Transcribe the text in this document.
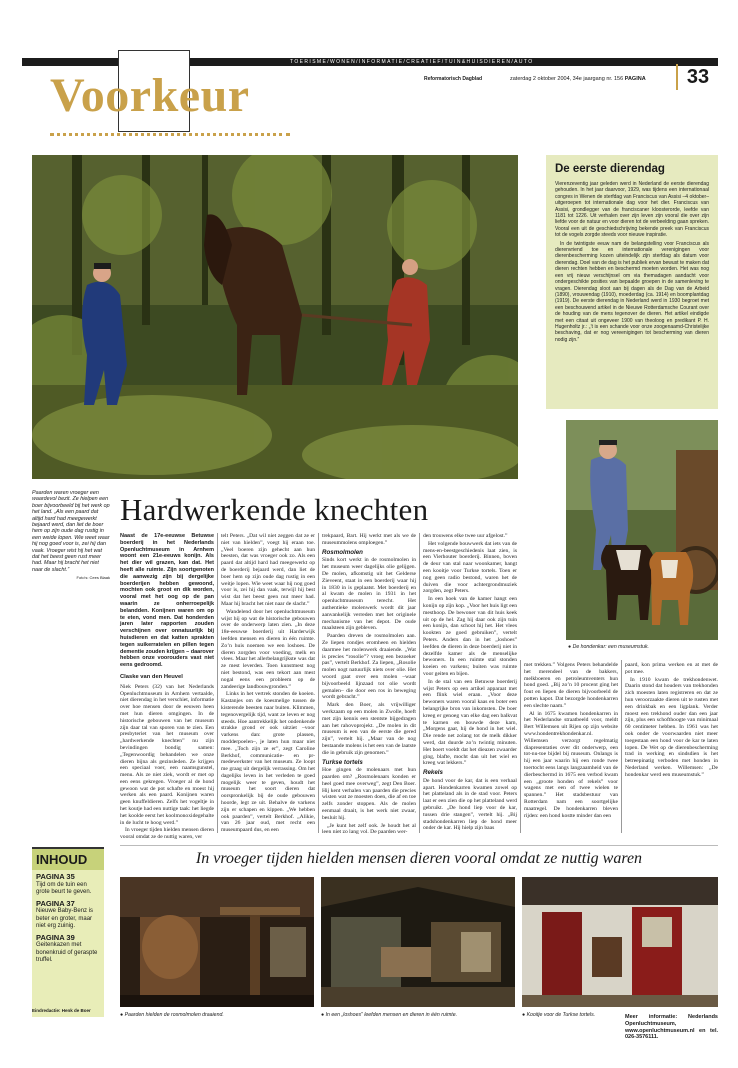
TOERISME/WONEN/INFORMATIE/CREATIEF/TUIN&HUISDIEREN/AUTO
Voorkeur	Reformatorisch Dagblad	zaterdag 2 oktober 2004, 34e jaargang nr. 156 PAGINA	33
Paarden waren vroeger een waardevol bezit. Ze hielpen een boer bijvoorbeeld bij het werk op het land. „Als een paard dat altijd hard had meegewerkt bejaard werd, dan liet de boer hem op zijn oude dag rustig in een weide lopen. Wie weet waar hij nog goed voor is, zei hij dan vaak. Vroeger wist hij het wat dat het beest geen rust meer had. Maar hij bracht het niet naar de slacht.”
Foto's: Cees Blaak
De eerste dierendag

Vierenzeventig jaar geleden werd in Nederland de eerste dierendag gehouden. In het jaar daarvoor, 1929, was tijdens een internationaal congres in Wenen de sterfdag van Franciscus van Assisi –4 oktober– uitgeroepen tot internationale dag voor het dier. Franciscus van Assisi, grondlegger van de franciscaner kloosterorde, leefde van 1181 tot 1226. Uit verhalen over zijn leven zijn vooral die over zijn liefde voor de natuur en voor dieren tot de verbeelding gaan spreken. Vooral een uit de geschiedschrijving bekende preek van Franciscus tot de vogels zorgde steeds voor nieuwe inspiratie.

In de twintigste eeuw nam de belangstelling voor Franciscus als dierenvriend toe en internationale verenigingen voor dierenbescherming kozen uiteindelijk zijn sterfdag als datum voor dierendag. Doel van de dag is het publiek ervan bewust te maken dat dieren rechten hebben en beschermd moeten worden. Het was nog een vrij nieuw verschijnsel om via themadagen aandacht voor ondergeschikte posities van bepaalde groepen in de samenleving te vragen. Dierendag sloot aan bij dagen als de Dag van de Arbeid (1890), vrouwendag (1910), moederdag (ca. 1914) en boomplantdag (1919). De eerste dierendag in Nederland werd in 1930 begroet met een beschouwend artikel in de Nieuwe Rotterdamsche Courant over de houding van de mens tegenover de dieren. Het artikel eindigde met een citaat uit ongeveer 1900 van theoloog en predikant P. H. Hugenholtz jr.: „’t is een schande voor onze zoogenaamd-Christelijke beschaving, dat er nog vereenigingen tot bescherming van dieren nodig zijn.”

● De hondenkar: een museumstuk.
Hardwerkende knechten

Naast de 17e-eeuwse Betuwse boerderij in het Nederlands Openluchtmuseum in Arnhem woont een 21e-eeuws konijn. Als het dier wil grazen, kan dat. Het heeft alle ruimte. Zijn soortgenoten die aanwezig zijn bij dergelijke boerderijen hebben gewoond, mochten ook groot en dik worden, vooral met het oog op de pan waarin ze onherroepelijk belandden. Konijnen waren om op te eten, vond men. Dat honderden jaren later rapporten zouden verschijnen over onnatuurlijk bij huisdieren en dat katten sprakten tegen suikerratelen en pillen tegen dementie zouden krijgen – daarover hebben onze voorouders vast niet eens gedroomd.

Claske van den Heuvel

Niek Peters (32) van het Nederlands Openluchtmuseum in Arnhem vertaalde, niet dierendag in het verschiet, informatie over hoe mensen door de eeuwen heen met hun dieren omgingen. In de historische gebouwen van het museum zijn daar tal van sporen van te zien. Een presbyteriet van het museum over „hardwerkende knechten” nu zijn bevindingen bondig samen: „Tegenwoordig behandelen we onze dieren bijna als gezinsleden. Ze krijgen een speciaal voer, een naamsgunstel, menu. Als ze niet ziek, wordt er met op een eens gekregen. Vroeger al de hond gewoon wat de pot schafte en moest hij werken als een paard. Konijnen waren geen knuffeldieren. Zelfs het vogeltje in het koutje had een nuttige taak: het liegde het koolde eerst het koolmonoxidegehalte in de lucht te hoog werd.”

In vroeger tijden hielden mensen dieren vooral omdat ze de nuttig waren, ver

telt Peters. „Dat wil niet zeggen dat ze er niet van hielden”, voegt hij eraan toe. „Veel boeren zijn gehecht aan hun beesten, dat was vroeger ook zo. Als een paard dat altijd hard had meegewerkt op de boerderij bejaard werd, dan liet de boer hem op zijn oude dag rustig in een weitje lopen. Wie weet waar hij nog goed voor is, zei hij dan vaak, terwijl hij best wist dat het beest geen nut meer had. Maar hij bracht het niet naar de slacht.”

Wandelend door het openluchtmuseum wijst hij op wat de historische gebouwen over de onderwerp laten zien. „In deze 18e-eeuwse boerderij uit Harderwijk leefden mensen en dieren in één ruimte. Zo’n huis noemen we een loshoes. De dieren zorgden voor voeding, melk en vlees. Maar het allerbelangrijkste was dat ze mest leverden. Toen kunstmest nog niet bestond, was een tekort aan mest nogal eens een probleem op de zandeerige landbouwgronden.”

Links in het vertrek stonden de koeien. Kastanjes om de koesmelige tussen de kisterende beesten naar buiten. Klimmen, tegenovergelijk tijd, want ze leven er nog steeds. Hoe aantrekkelijk het ondenkende strakke grond er ook uitziet –voor varkens dan: grote plassen, modderpoelen–, je laten hun maar niet mee. „Toch zijn ze er”, zegt Caroline Berkhof, communicatie- en pr-medewerkster van het museum. Ze loopt me graag uit dergelijk verrassing. Om het dagelijks leven in het verleden te goed mogelijk weer te geven, houdt het museum het soort dieren dat oorspronkelijk bij de oude gebouwen hoorde, legt ze uit. Behalve de varkens zijn er schapen en kippen. „We hebben ook paarden”, vertelt Berkhof. „Alikie, van 26 jaar oud, met recht een museumpaard dus, en een

trekpaard, Bart. Hij werkt met als we de museummolens omploegen.”

Rosmolmolen

Sinds kort werkt in de rosmolmolen in het museum weer dagelijks olie gelijgen. De molen, afkomstig uit het Gelderse Zieveent, staat in een boerderij waar hij in 1830 in is geplaatst. Met boerderij en al kwam de molen in 1931 in het openluchtmuseum terecht. Het authentieke molenwerk wordt dit jaar aanvankelijk verreden met het originele mechanisme van het depot. De oude maalsteen zijn gebleven.

Paarden dreven de rosmolmolen aan. Ze liepen rondjes eromheen en hielden daarmee het molenwerk draaiende. „Wat is precies “rosolie”? vroeg een bezoeker pas”, vertelt Berkhof. Za liepen, „Rosolie molen nogt natuurlijk niets over olie. Het woord gaat over een molen –waar bijvoorbeeld lijnzaad tot olie wordt gemalen– die door een ros in beweging wordt gebracht.”

Mark den Boer, als vrijwilliger werkzaam op een molen in Zwolle, hoeft met zijn kennis een stentste bijgedragen aan het rahovoprojekt. „De molen in dit museum is een van de eerste die gered zijn”, vertelt hij. „Maar van de nog bestaande molens is het een van de laatste die in gebruik zijn genomen.”

Turkse tortels

Hoe gingen de molenaars met hun paarden om? „Rosmolenaars konden er heel goed mee overweg”, zegt Den Boer. Hij kent verhalen van paarden die precies wisten wat ze moesten doen, die af en toe zelfs zonder stoppen. Als de molen eenmaal draait, is het werk niet zwaar, besluit hij.

„Je kunt het zelf ook. Je houdt het al leen niet zo lang vol. De paarden wer-

den trouwens elke twee uur afgelost.”

Het volgende bouwwerk dat iets van de mens-en-beestgeschiedenis laat zien, is een Vierhouter boerderij. Binnen, boven de deur van stal naar woonkamer, hangt een kooitje voor Turkse tortels. Toen er nog geen radio bestond, waren het de duiven die voor achtergrondmuziek zorgden, zegt Peters.

In een hoek van de kamer hangt een konijn op zijn kop. „Voor het huis ligt een mesthoop. De bewoner van dit huis keek uit op de hel. Zag hij daar ook zijn tuin een konijn, dan schoot hij het. Het vlees kookten ze goed gebruiken”, vertelt Peters. Anders dan in het „loshoes” leefden de dieren in deze boerderij niet in dezelfde kamer als de menselijke bewoners. In een ruimte stal stonden koeien en varkens; buiten was ruimte voor geiten en bijen.

In de stal van een Betuwse boerderij wijst Peters op een artikel apparaat met een flink wiel eraan. „Voor deze bewoners waren vooral kaas en boter een belangrijke bron van inkomsten. De boer kreeg er genoeg van elke dag een balkvat te karnen en bouwde deze karn, „Morgens gaat, hij de hond in het wiel. Die rende net zolang tot de melk dikker werd, dat duurde zo’n twintig minuten. Het boert voeldt dat het dieazen zwaarder ging, blafte, mocht dan uit het wiel en kreeg wat lekkers.”

Rekels

De hond voor de kar, dat is een verhaal apart. Hondenkarren kwamen zowel op het platteland als in de stad voor. Peters laat er een zien die op het platteland werd gebruikt. „De hond liep voor de kar, tussen drie stangen”, vertelt hij. „Bij stadshondenkarren liep de hond meer onder de kar. Hij hielp zijn baas

met trekken.” Volgens Peters behandelde het merendeel van de bakkers, melkboeren en petroleumventers hun hond goed. „Bij zo’n 10 procent ging het fout en liepen de dieren bijvoorbeeld de potten kapot. Dat bezorgde hondenkarren een slechte naam.”

Al in 1675 kwamen hondenkarren in het Nederlandse straatbeeld voor, meldt Bert Willemsen uit Rijen op zijn website www.hondentrekhondenkar.nl. Willemsen verzorgt regelmatig diapresentaties over dit onderwerp, een tot-nu-toe bijdel bij museum. Onlangs is hij een jaar waarin hij een ronde twee toertocht eens langs langzaamheid van de dierbeschermd in 1675 een verbod kwam een „groote honden of rekels” voor wagens met een of twee wielen te spannen.” Het stadsbestuur van Rotterdam nam een soortgelijke maatregel. De hondenkarren bleven rijden: een hond kostte minder dan een

paard, kon prima werken en at met de pot mee.

In 1910 kwam de trekhondenwet. Daarin stond dat houders van trekhonden zich moesten laten registreren en dat ze hun veroorzaakte dieren uit te rusten met een drinkbak en een ligplank. Verder moest een trekhond ouder dan een jaar zijn, plus een schofthoogte van minimaal 60 centimeter hebben. In 1961 was het ook onder de voorwaarden niet meer toegestaan een hond voor de kar te laten lopen. De Wet op de dierenbescherming trad in werking en sindsdien is het betreepinatig verboden met honden in Nederland werken. Willemsen: „De hondenkar werd een museumstuk.”

INHOUD
PAGINA 35
Tijd om de tuin een grote beurt te geven.
PAGINA 37
Nieuwe Baby-Benz is beter en groter, maar niet erg zuinig.
PAGINA 39
Geitenkazen met bonenkruid of geraspte truffel.
Eindredactie: Henk de Boer
In vroeger tijden hielden mensen dieren vooral omdat ze nuttig waren
● Paarden hielden de rosmolmolen draaiend.	● In een „loshoes” leefden mensen en dieren in één ruimte.	● Kooitje voor de Turkse tortels.	Meer informatie: Nederlands Openluchtmuseum, www.openluchtmuseum.nl en tel. 026-3576111.
